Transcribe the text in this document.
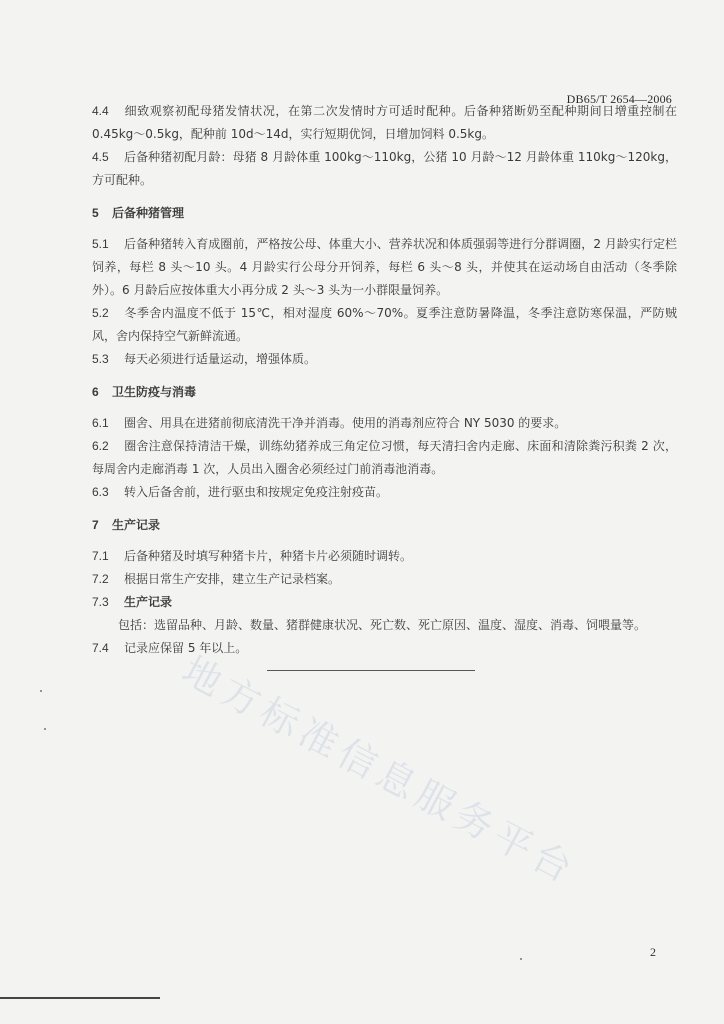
DB65/T 2654—2006

4.4 细致观察初配母猪发情状况，在第二次发情时方可适时配种。后备种猪断奶至配种期间日增重控制在 0.45kg～0.5kg，配种前 10d～14d，实行短期优饲，日增加饲料 0.5kg。

4.5 后备种猪初配月龄：母猪 8 月龄体重 100kg～110kg，公猪 10 月龄～12 月龄体重 110kg～120kg，方可配种。

5 后备种猪管理

5.1 后备种猪转入育成圈前，严格按公母、体重大小、营养状况和体质强弱等进行分群调圈，2 月龄实行定栏饲养，每栏 8 头～10 头。4 月龄实行公母分开饲养，每栏 6 头～8 头，并使其在运动场自由活动（冬季除外）。6 月龄后应按体重大小再分成 2 头～3 头为一小群限量饲养。

5.2 冬季舍内温度不低于 15℃，相对湿度 60%～70%。夏季注意防暑降温，冬季注意防寒保温，严防贼风，舍内保持空气新鲜流通。

5.3 每天必须进行适量运动，增强体质。

6 卫生防疫与消毒

6.1 圈舍、用具在进猪前彻底清洗干净并消毒。使用的消毒剂应符合 NY 5030 的要求。

6.2 圈舍注意保持清洁干燥，训练幼猪养成三角定位习惯，每天清扫舍内走廊、床面和清除粪污积粪 2 次，每周舍内走廊消毒 1 次，人员出入圈舍必须经过门前消毒池消毒。

6.3 转入后备舍前，进行驱虫和按规定免疫注射疫苗。

7 生产记录

7.1 后备种猪及时填写种猪卡片，种猪卡片必须随时调转。

7.2 根据日常生产安排，建立生产记录档案。

7.3 生产记录

包括：选留品种、月龄、数量、猪群健康状况、死亡数、死亡原因、温度、湿度、消毒、饲喂量等。

7.4 记录应保留 5 年以上。

地方标准信息服务平台
2
